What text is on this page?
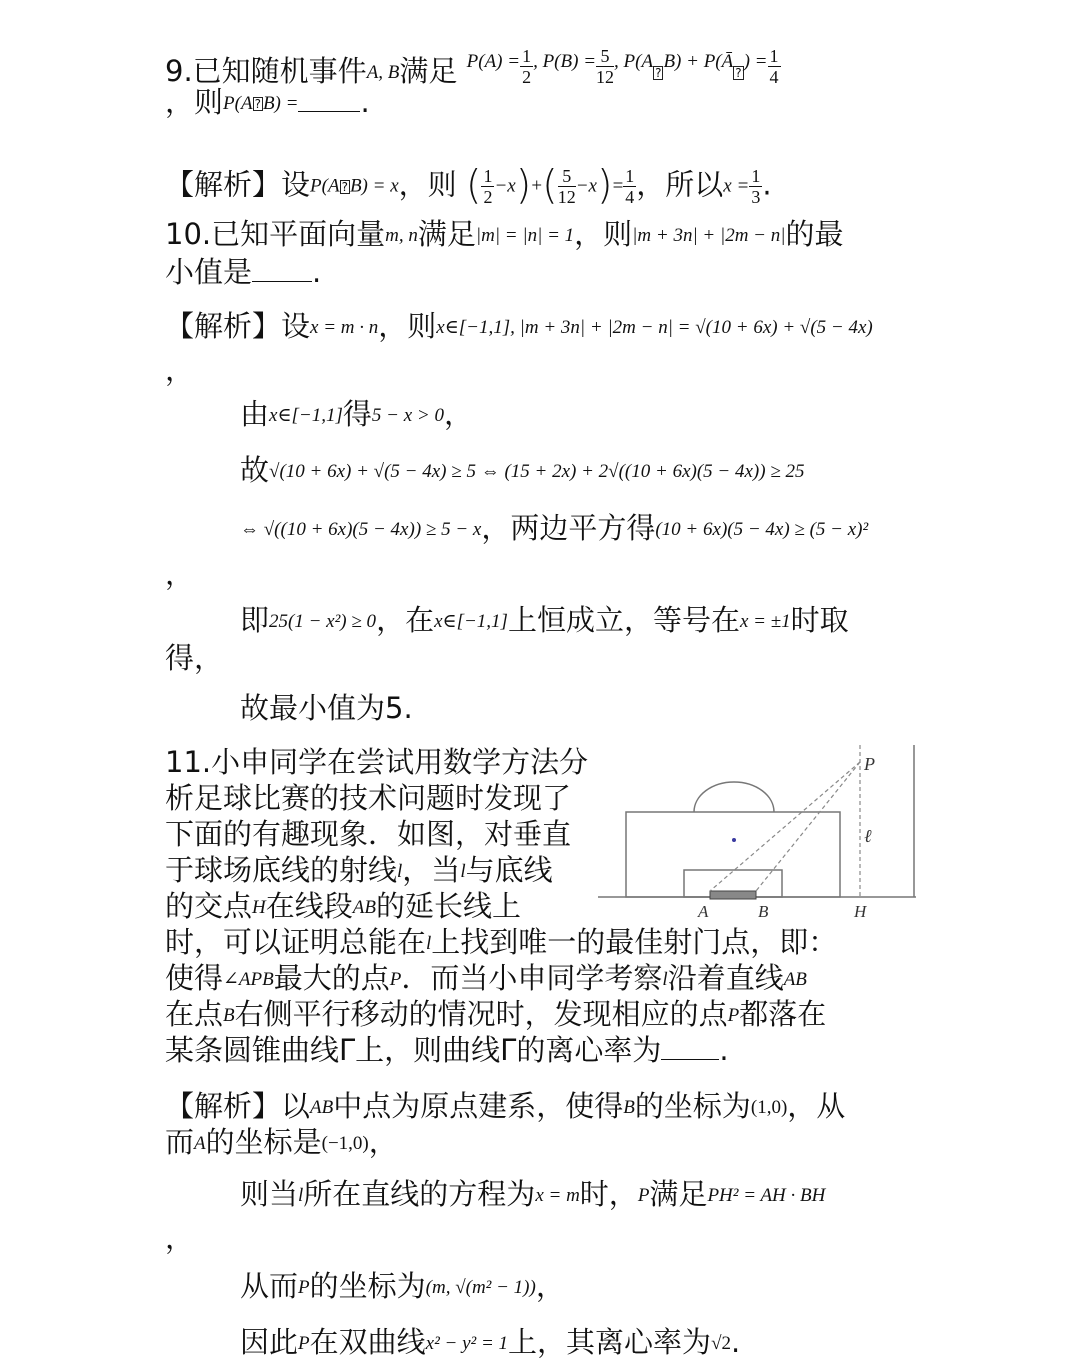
9.已知随机事件A, B满足 $^{P(A) =} \frac{1}{2} ^{, P(B) =} \frac{5}{12}$ $^{, P(A}$?$^{B) + P(Ā}$?) = $\frac{1}{4}$
，则P(A ? B) = .
【解析】设P(A ? B) = x，则 ( $\frac{1}{2} -x)+( \frac{5}{12} -x)= \frac{1}{4}$ ，所以$x = \frac{1}{3}$ .
10.已知平面向量m, n满足|m| = |n| = 1，则|m + 3n| + |2m − n|的最
小值是 .
【解析】设x = m · n，则x∈[−1,1], |m + 3n| + |2m − n| = √(10 + 6x) + √(5 − 4x)
，
由x∈[−1,1]得5 − x > 0，
故√(10 + 6x) + √(5 − 4x) ≥ 5 ⇔ (15 + 2x) + 2√((10 + 6x)(5 − 4x)) ≥ 25
⇔ √((10 + 6x)(5 − 4x)) ≥ 5 − x，两边平方得(10 + 6x)(5 − 4x) ≥ (5 − x)²
，
即25(1 − x²) ≥ 0，在x∈[−1,1]上恒成立，等号在x = ±1时取
得，
故最小值为5.
11.小申同学在尝试用数学方法分
析足球比赛的技术问题时发现了
下面的有趣现象．如图，对垂直
于球场底线的射线l，当l与底线
的交点H在线段AB的延长线上
时，可以证明总能在l上找到唯一的最佳射门点，即：
使得∠APB最大的点P．而当小申同学考察l沿着直线AB
在点B右侧平行移动的情况时，发现相应的点P都落在
某条圆锥曲线Γ上，则曲线Γ的离心率为 .
P
ℓ
A	B	H
【解析】以AB中点为原点建系，使得B的坐标为(1,0)，从
而A的坐标是(−1,0)，
则当l所在直线的方程为x = m时，P满足PH² = AH · BH
，
从而P的坐标为(m, √(m² − 1))，
因此P在双曲线x² − y² = 1上，其离心率为√2.
